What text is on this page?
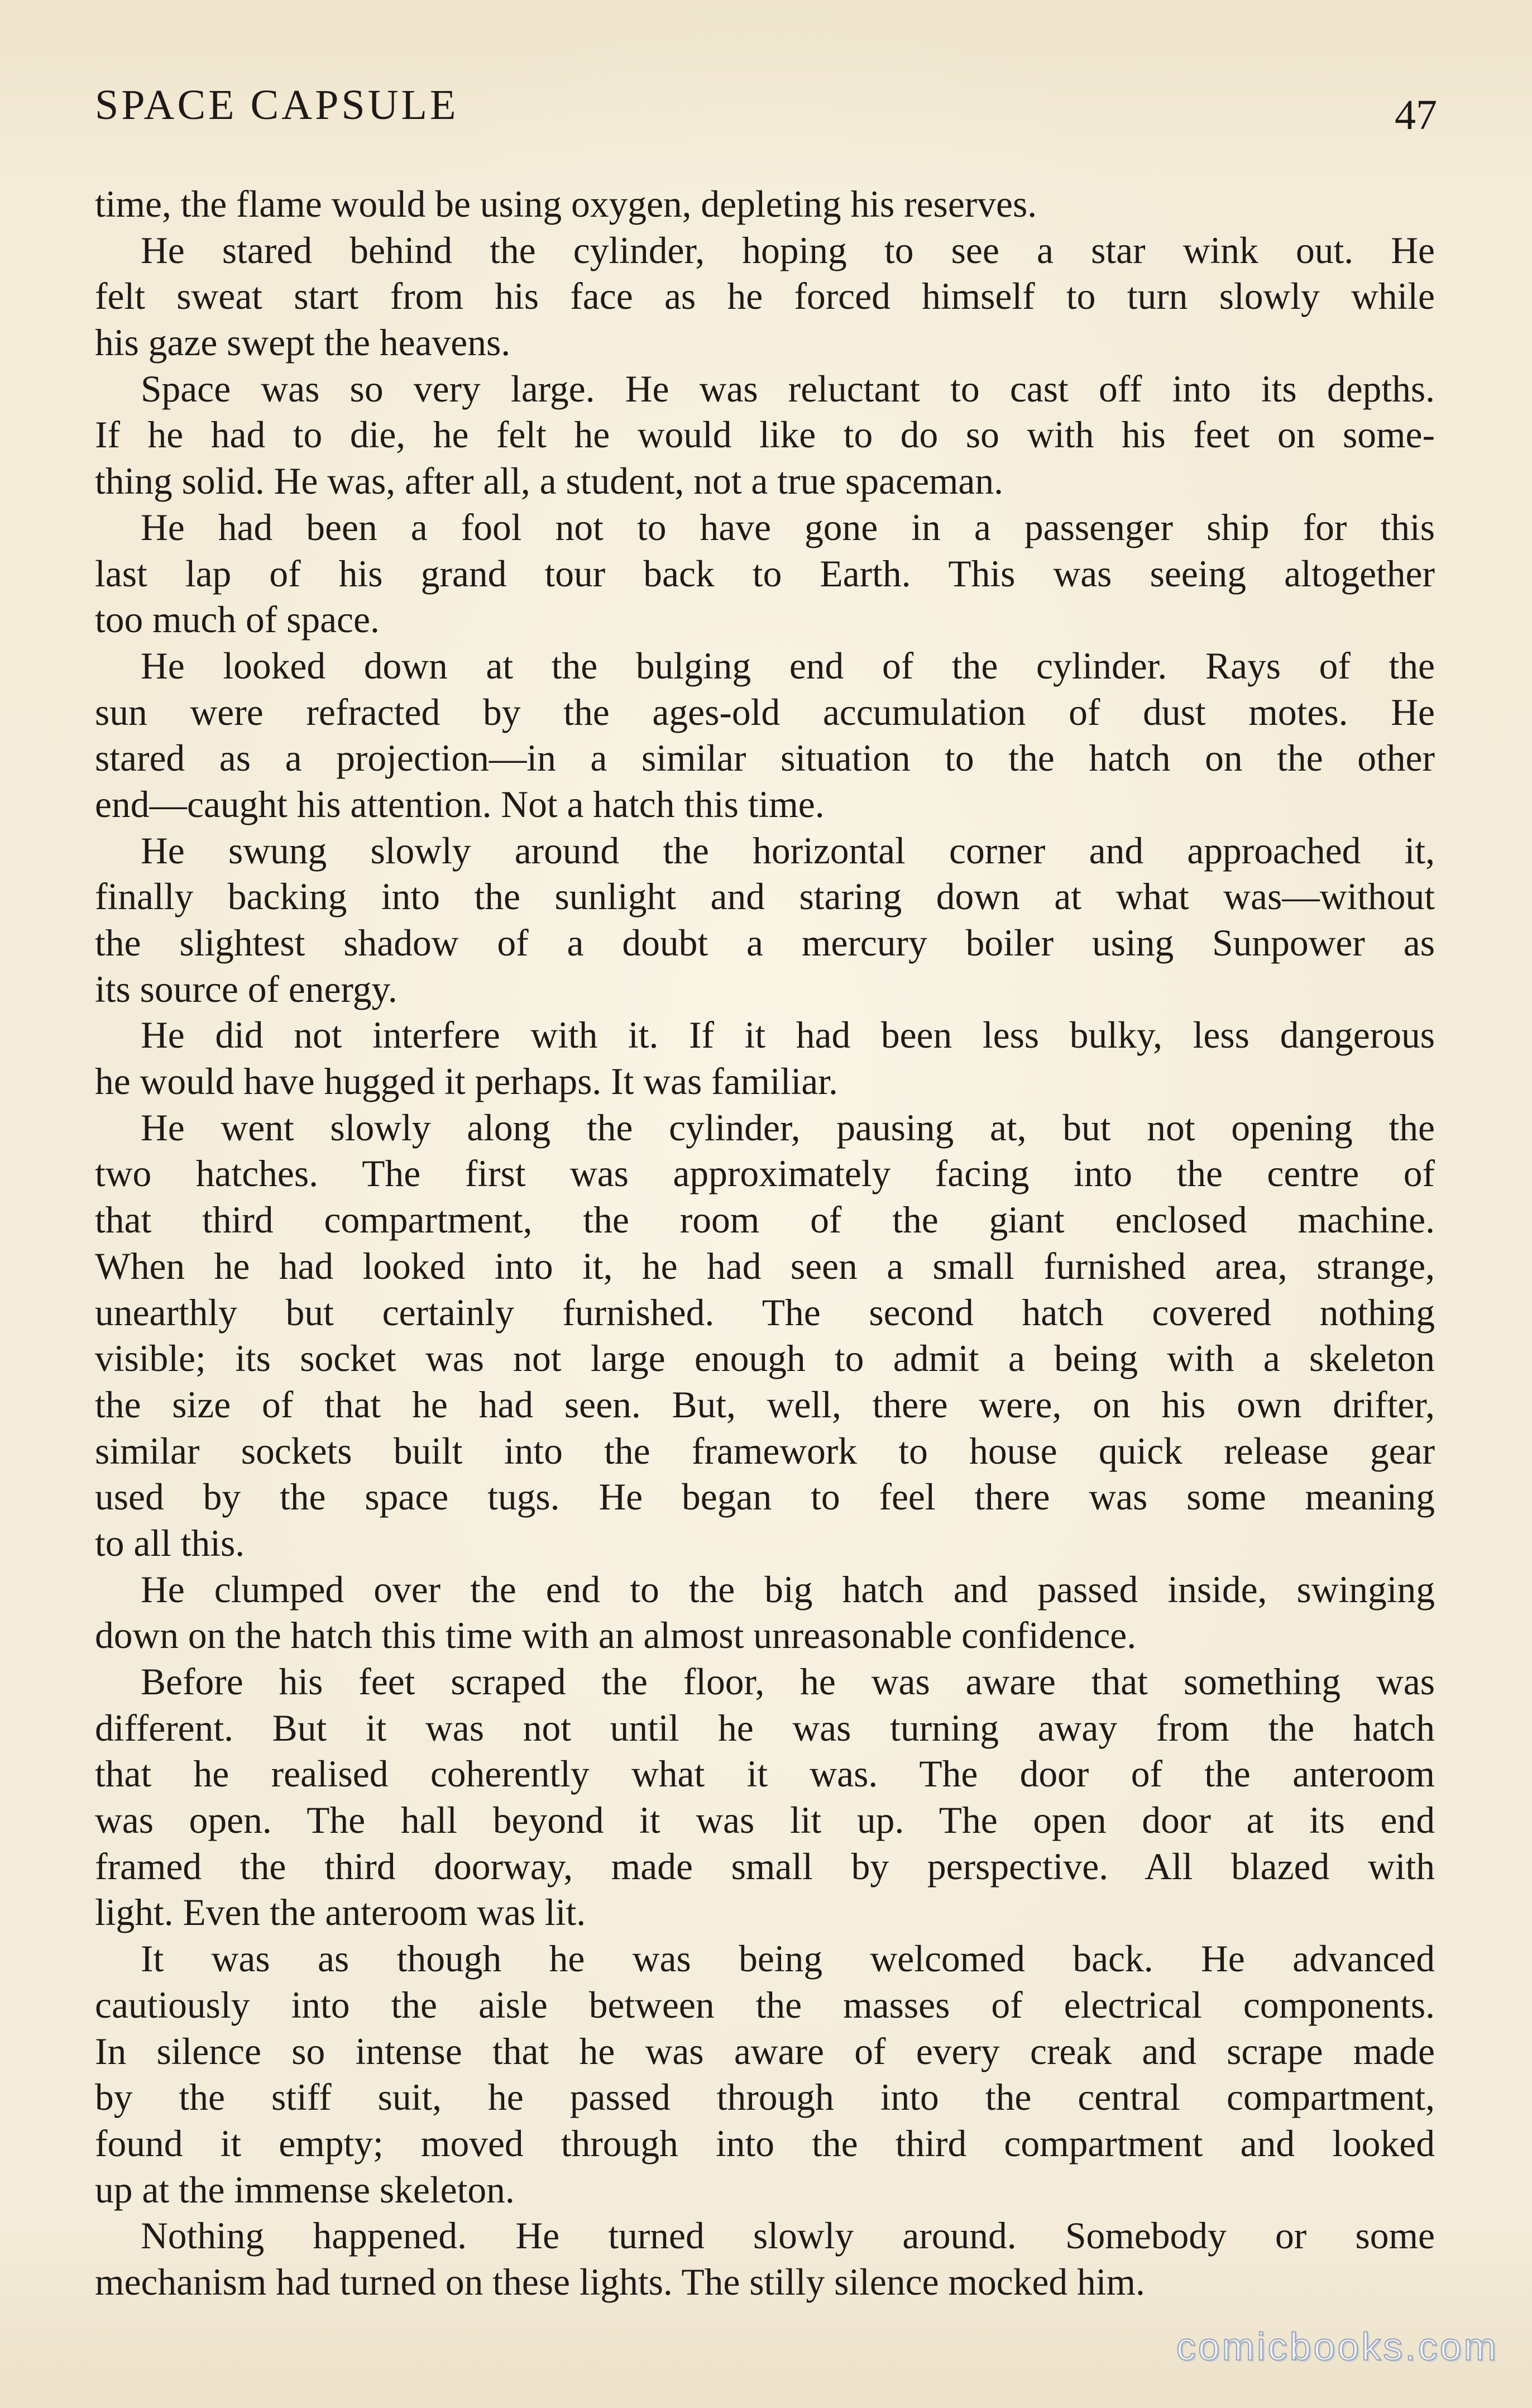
SPACE CAPSULE	47
time, the flame would be using oxygen, depleting his reserves.
He stared behind the cylinder, hoping to see a star wink out. He
felt sweat start from his face as he forced himself to turn slowly while
his gaze swept the heavens.
Space was so very large. He was reluctant to cast off into its depths.
If he had to die, he felt he would like to do so with his feet on some-
thing solid. He was, after all, a student, not a true spaceman.
He had been a fool not to have gone in a passenger ship for this
last lap of his grand tour back to Earth. This was seeing altogether
too much of space.
He looked down at the bulging end of the cylinder. Rays of the
sun were refracted by the ages-old accumulation of dust motes. He
stared as a projection—in a similar situation to the hatch on the other
end—caught his attention. Not a hatch this time.
He swung slowly around the horizontal corner and approached it,
finally backing into the sunlight and staring down at what was—without
the slightest shadow of a doubt a mercury boiler using Sunpower as
its source of energy.
He did not interfere with it. If it had been less bulky, less dangerous
he would have hugged it perhaps. It was familiar.
He went slowly along the cylinder, pausing at, but not opening the
two hatches. The first was approximately facing into the centre of
that third compartment, the room of the giant enclosed machine.
When he had looked into it, he had seen a small furnished area, strange,
unearthly but certainly furnished. The second hatch covered nothing
visible; its socket was not large enough to admit a being with a skeleton
the size of that he had seen. But, well, there were, on his own drifter,
similar sockets built into the framework to house quick release gear
used by the space tugs. He began to feel there was some meaning
to all this.
He clumped over the end to the big hatch and passed inside, swinging
down on the hatch this time with an almost unreasonable confidence.
Before his feet scraped the floor, he was aware that something was
different. But it was not until he was turning away from the hatch
that he realised coherently what it was. The door of the anteroom
was open. The hall beyond it was lit up. The open door at its end
framed the third doorway, made small by perspective. All blazed with
light. Even the anteroom was lit.
It was as though he was being welcomed back. He advanced
cautiously into the aisle between the masses of electrical components.
In silence so intense that he was aware of every creak and scrape made
by the stiff suit, he passed through into the central compartment,
found it empty; moved through into the third compartment and looked
up at the immense skeleton.
Nothing happened. He turned slowly around. Somebody or some
mechanism had turned on these lights. The stilly silence mocked him.
comicbooks.com
